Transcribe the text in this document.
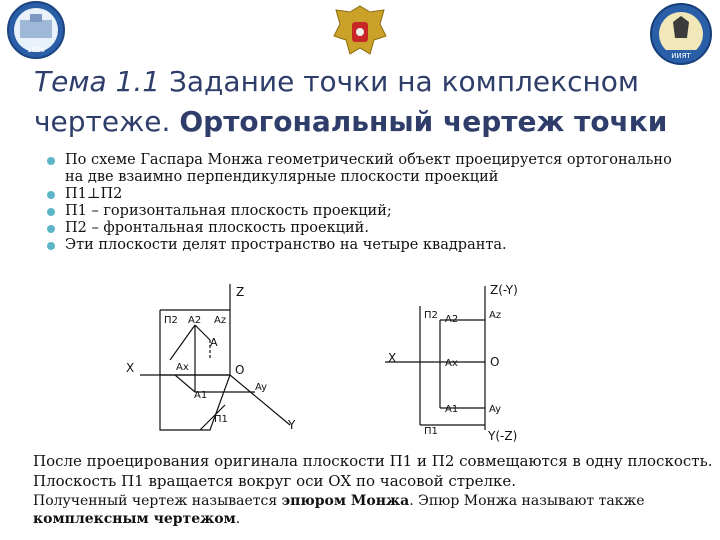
1926
ИИЯТ
Тема 1.1 Задание точки на комплексном чертеже. Ортогональный чертеж точки
По схеме Гаспара Монжа геометрический объект проецируется ортогонально на две взаимно перпендикулярные плоскости проекций
П1⊥П2
П1 – горизонтальная плоскость проекций;
П2 – фронтальная плоскость проекций.
Эти плоскости делят пространство на четыре квадранта.
Z
X	O
Y
П2
П1
A2 Az
A
Ax
A1
Ay
Z(-Y)
X	O
Y(-Z)
П2
П1
A2	Az
Ax
A1	Ay
После проецирования оригинала плоскости П1 и П2 совмещаются в одну плоскость. Плоскость П1 вращается вокруг оси ОХ по часовой стрелке.
Полученный чертеж называется эпюром Монжа. Эпюр Монжа называют также комплексным чертежом.
